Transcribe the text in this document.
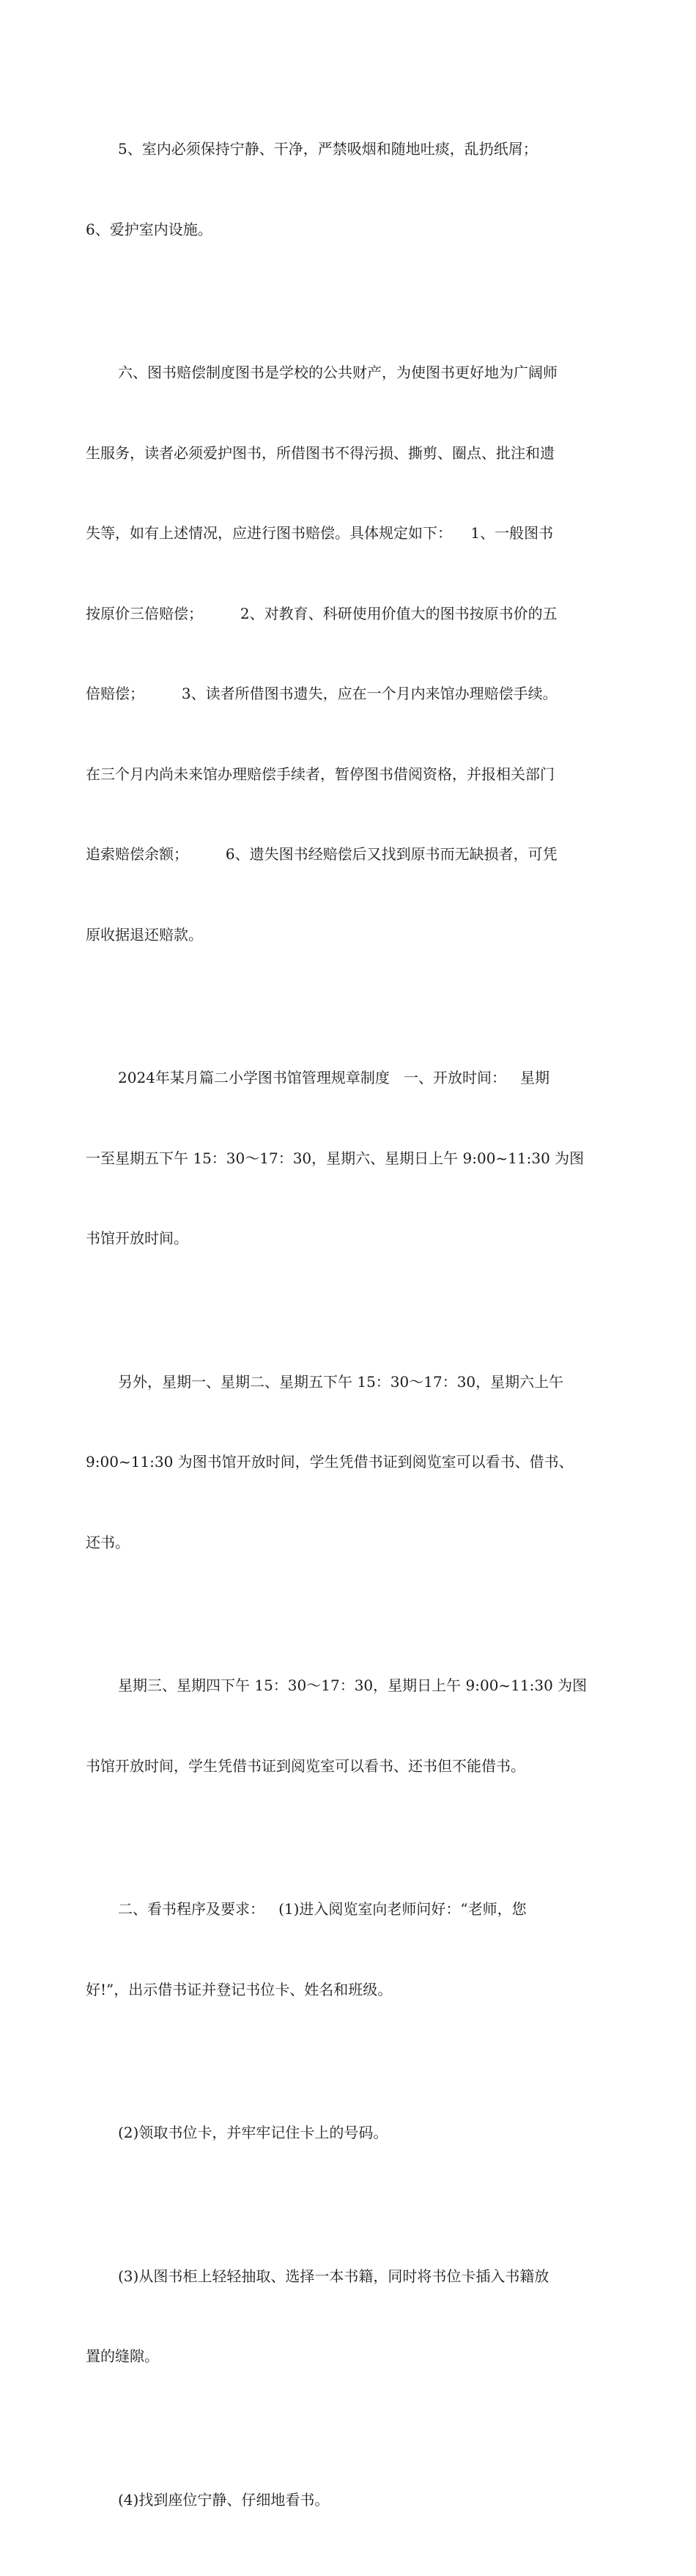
5、室内必须保持宁静、干净，严禁吸烟和随地吐痰，乱扔纸屑；

6、爱护室内设施。

六、图书赔偿制度图书是学校的公共财产，为使图书更好地为广阔师

生服务，读者必须爱护图书，所借图书不得污损、撕剪、圈点、批注和遗

失等，如有上述情况，应进行图书赔偿。具体规定如下：    1、一般图书

按原价三倍赔偿；        2、对教育、科研使用价值大的图书按原书价的五

倍赔偿；        3、读者所借图书遗失，应在一个月内来馆办理赔偿手续。

在三个月内尚未来馆办理赔偿手续者，暂停图书借阅资格，并报相关部门

追索赔偿余额；        6、遗失图书经赔偿后又找到原书而无缺损者，可凭

原收据退还赔款。

2024年某月篇二小学图书馆管理规章制度   一、开放时间：   星期

一至星期五下午 15：30～17：30，星期六、星期日上午 9:00~11:30 为图

书馆开放时间。

另外，星期一、星期二、星期五下午 15：30～17：30，星期六上午

9:00~11:30 为图书馆开放时间，学生凭借书证到阅览室可以看书、借书、

还书。

星期三、星期四下午 15：30～17：30，星期日上午 9:00~11:30 为图

书馆开放时间，学生凭借书证到阅览室可以看书、还书但不能借书。

二、看书程序及要求：   (1)进入阅览室向老师问好：“老师，您

好!”，出示借书证并登记书位卡、姓名和班级。

(2)领取书位卡，并牢牢记住卡上的号码。

(3)从图书柜上轻轻抽取、选择一本书籍，同时将书位卡插入书籍放

置的缝隙。

(4)找到座位宁静、仔细地看书。
